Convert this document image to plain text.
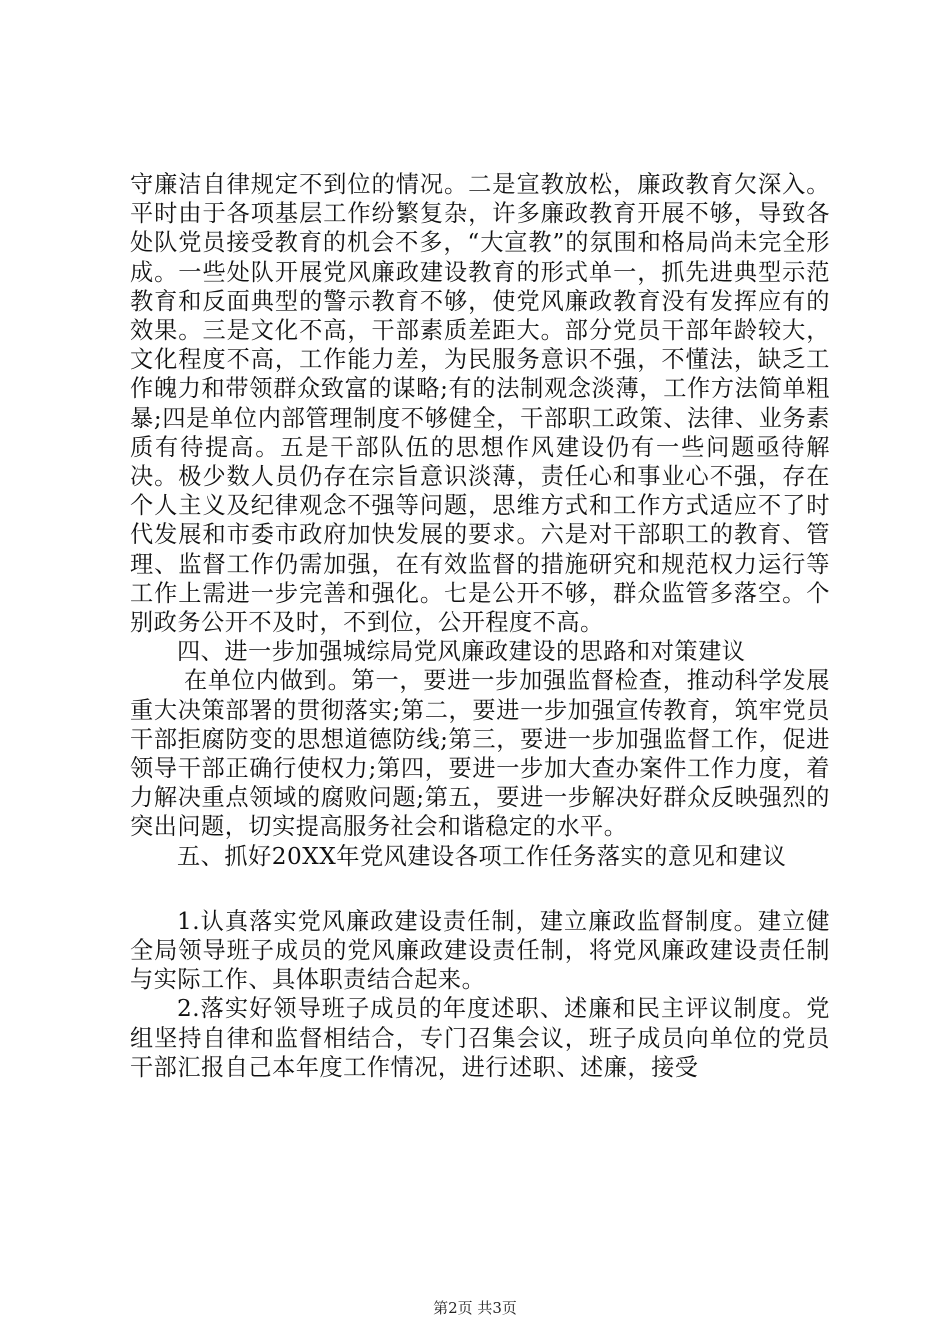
守廉洁自律规定不到位的情况。二是宣教放松，廉政教育欠深入。平时由于各项基层工作纷繁复杂，许多廉政教育开展不够，导致各处队党员接受教育的机会不多，“大宣教”的氛围和格局尚未完全形成。一些处队开展党风廉政建设教育的形式单一，抓先进典型示范教育和反面典型的警示教育不够，使党风廉政教育没有发挥应有的效果。三是文化不高，干部素质差距大。部分党员干部年龄较大，文化程度不高，工作能力差，为民服务意识不强，不懂法，缺乏工作魄力和带领群众致富的谋略;有的法制观念淡薄，工作方法简单粗暴;四是单位内部管理制度不够健全，干部职工政策、法律、业务素质有待提高。五是干部队伍的思想作风建设仍有一些问题亟待解决。极少数人员仍存在宗旨意识淡薄，责任心和事业心不强，存在个人主义及纪律观念不强等问题，思维方式和工作方式适应不了时代发展和市委市政府加快发展的要求。六是对干部职工的教育、管理、监督工作仍需加强，在有效监督的措施研究和规范权力运行等工作上需进一步完善和强化。七是公开不够，群众监管多落空。个别政务公开不及时，不到位，公开程度不高。

四、进一步加强城综局党风廉政建设的思路和对策建议

在单位内做到。第一，要进一步加强监督检查，推动科学发展重大决策部署的贯彻落实;第二，要进一步加强宣传教育，筑牢党员干部拒腐防变的思想道德防线;第三，要进一步加强监督工作，促进领导干部正确行使权力;第四，要进一步加大查办案件工作力度，着力解决重点领域的腐败问题;第五，要进一步解决好群众反映强烈的突出问题，切实提高服务社会和谐稳定的水平。

五、抓好20XX年党风建设各项工作任务落实的意见和建议

1.认真落实党风廉政建设责任制，建立廉政监督制度。建立健全局领导班子成员的党风廉政建设责任制，将党风廉政建设责任制与实际工作、具体职责结合起来。

2.落实好领导班子成员的年度述职、述廉和民主评议制度。党组坚持自律和监督相结合，专门召集会议，班子成员向单位的党员干部汇报自己本年度工作情况，进行述职、述廉，接受

第2页 共3页
